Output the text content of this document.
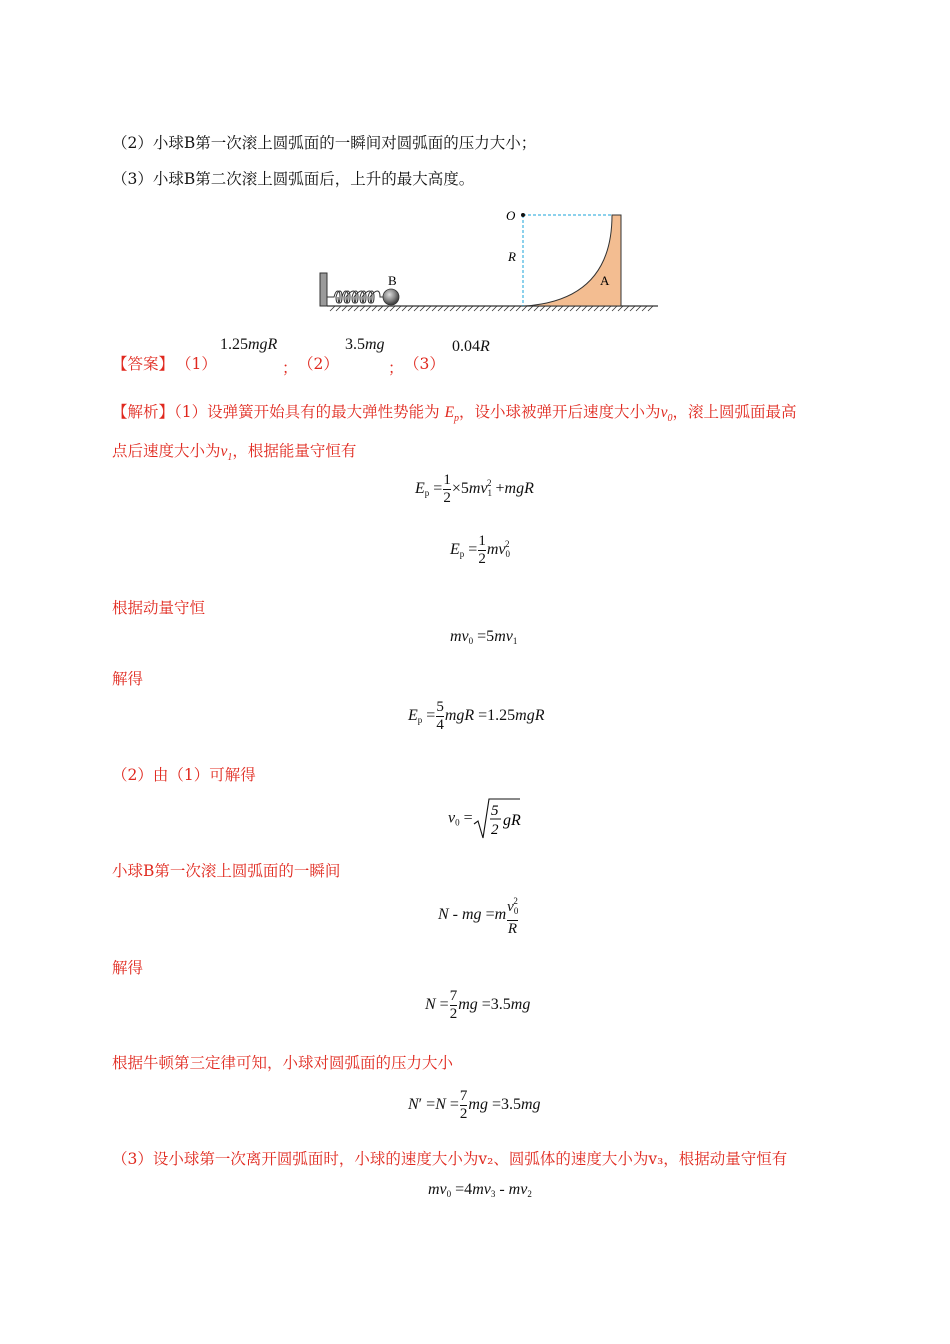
（2）小球B第一次滚上圆弧面的一瞬间对圆弧面的压力大小；
（3）小球B第二次滚上圆弧面后，上升的最大高度。
B	A
O
R
【答案】 （1）
1.25mgR
； （2）
3.5mg
； （3）
0.04R
【解析】（1）设弹簧开始具有的最大弹性势能为 $E_p$，设小球被弹开后速度大小为$v_0$，滚上圆弧面最高
点后速度大小为$v_1$，根据能量守恒有
$E_p = \frac{1}{2} \times 5mv_1^2 +mgR$
$E_p = \frac{1}{2} mv_0^2$
根据动量守恒
$mv_0 =5mv_1$
解得
$E_p = \frac{5}{4}$ mgR =1.25mgR
（2）由（1）可解得
$v_0 = 5$
2
gR
小球B第一次滚上圆弧面的一瞬间
N - mg $=m \frac{v_0^2}{R}$
解得
$N = \frac{7}{2}$ mg =3.5mg
根据牛顿第三定律可知，小球对圆弧面的压力大小
$N' =N = \frac{7}{2}$ mg =3.5mg
（3）设小球第一次离开圆弧面时，小球的速度大小为v₂、圆弧体的速度大小为v₃，根据动量守恒有
$mv_0 =4mv_3 - mv_2$
